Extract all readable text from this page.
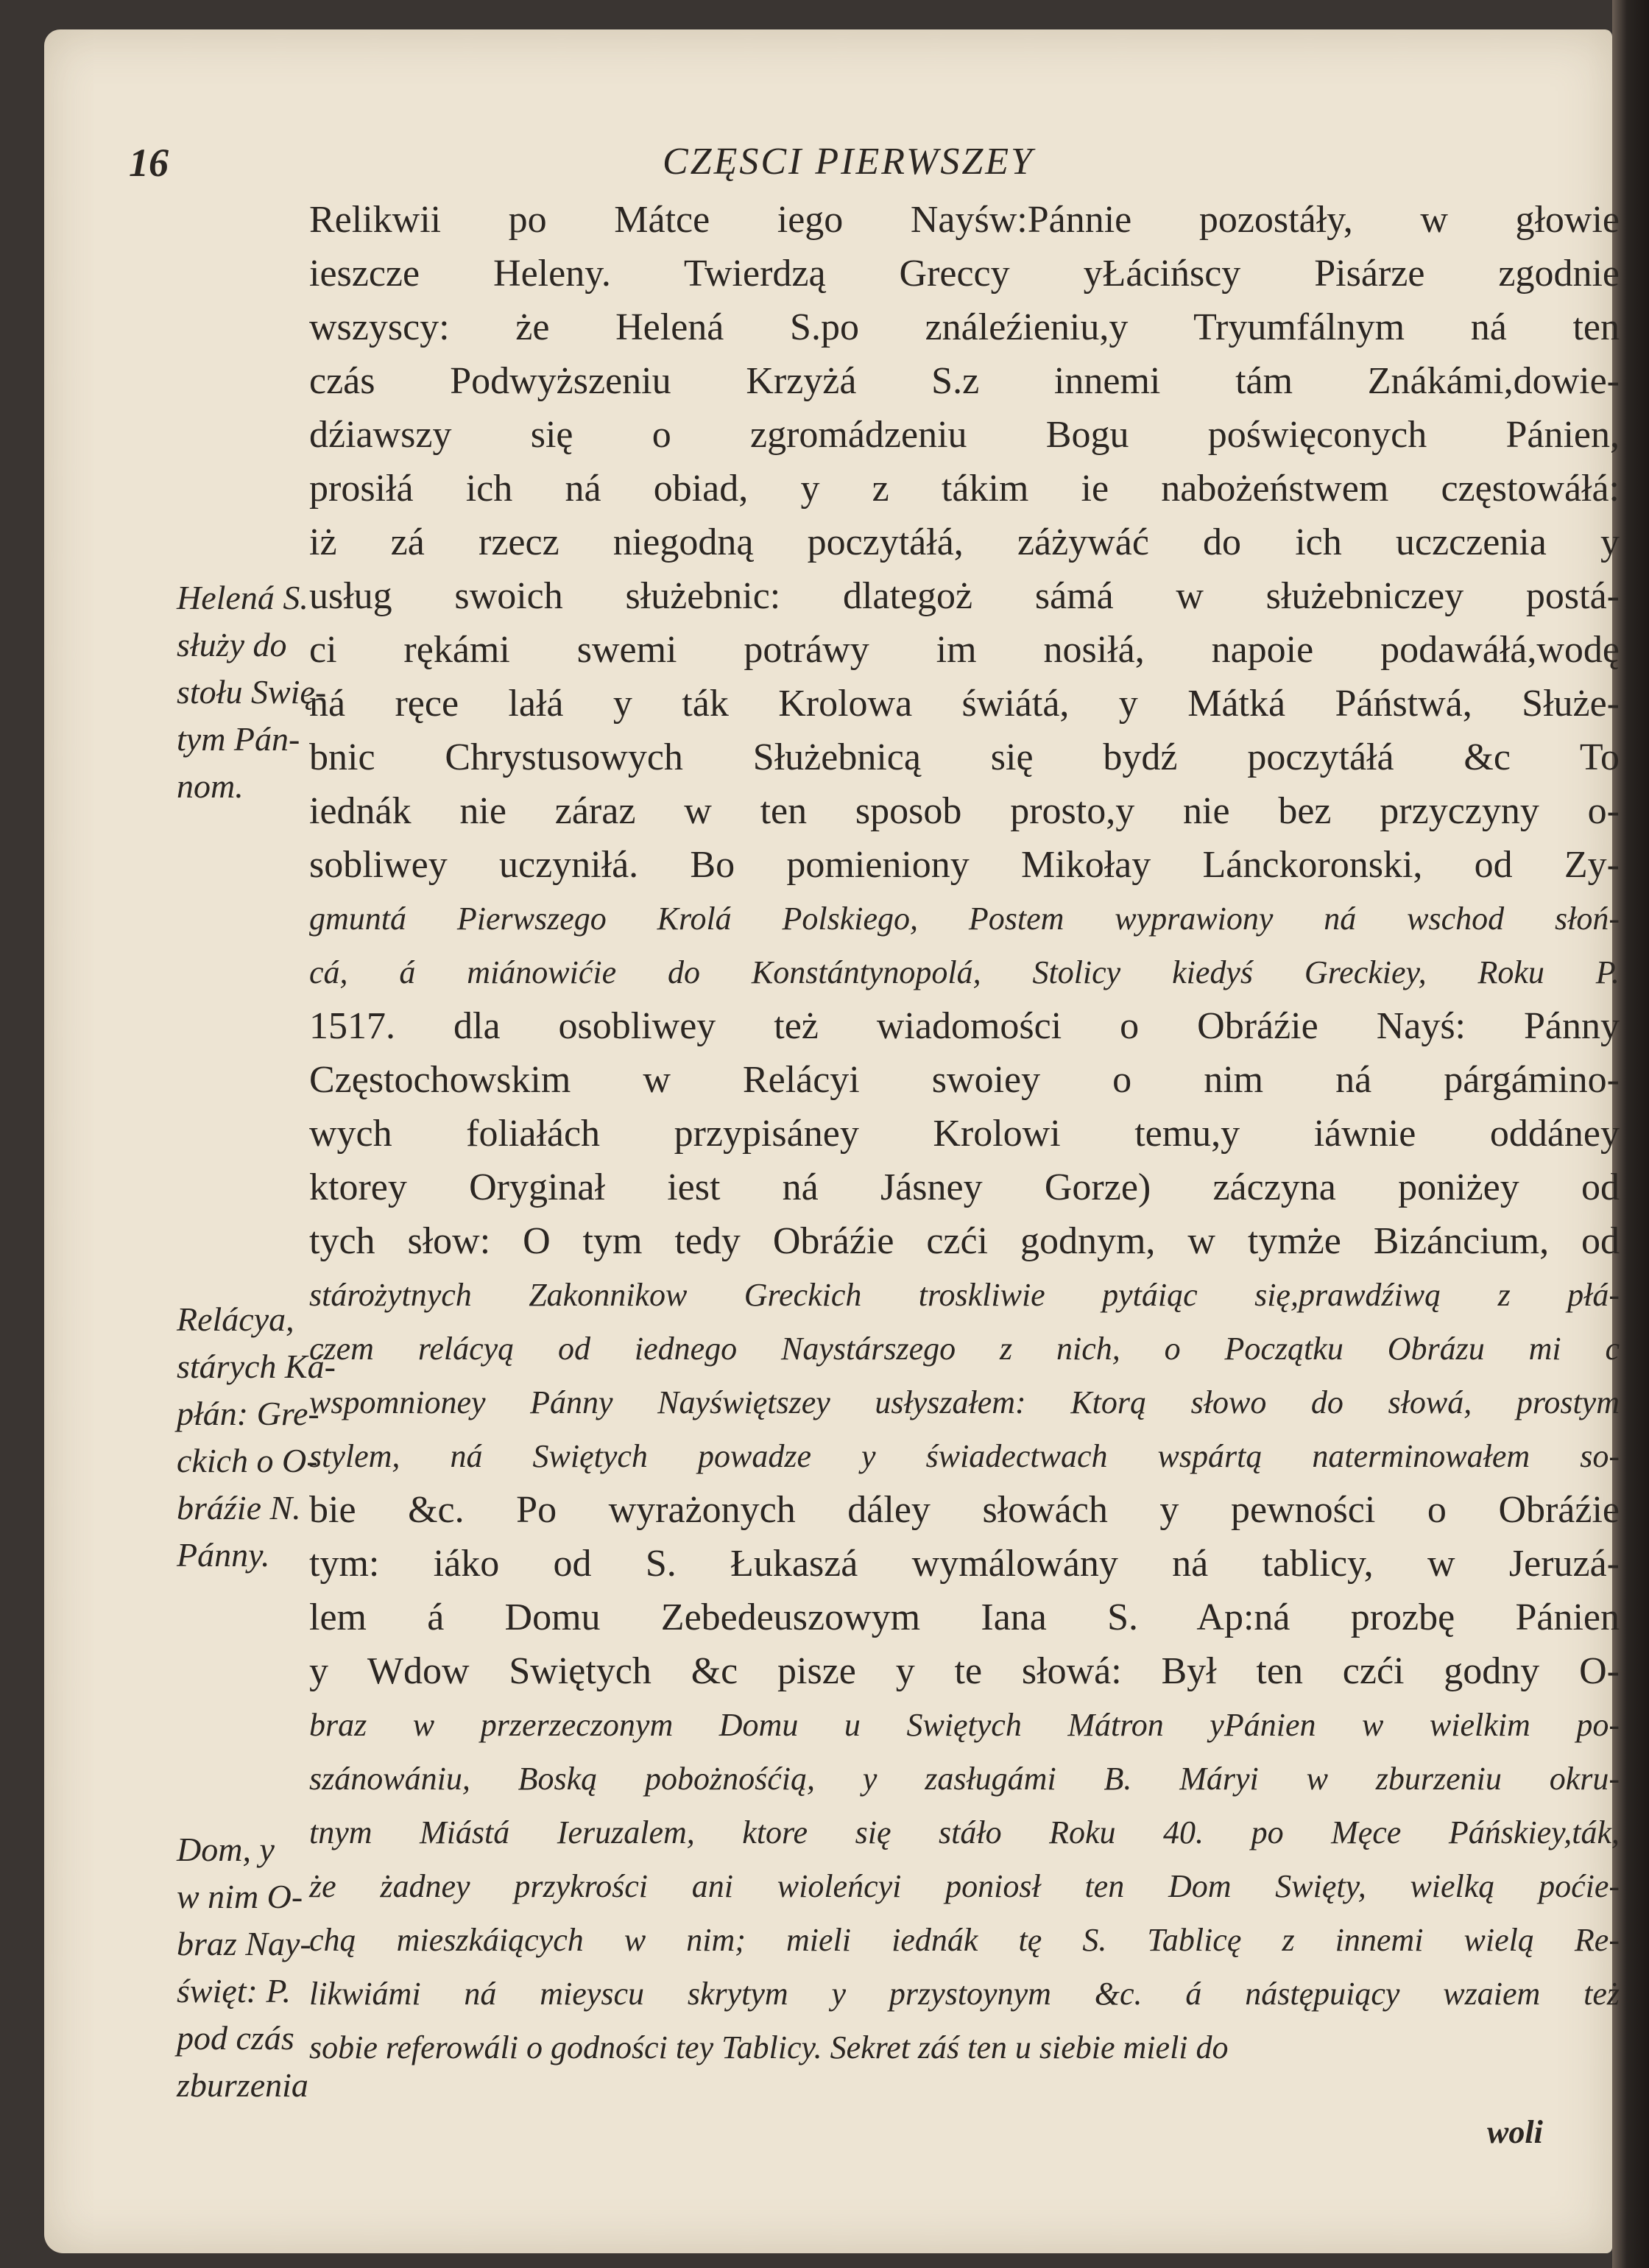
16	CZĘSCI PIERWSZEY
Relikwii po Mátce iego Nayśw:Pánnie pozostáły, w głowie
ieszcze Heleny. Twierdzą Greccy yŁácińscy Pisárze zgodnie
wszyscy: że Helená S.po ználeźieniu,y Tryumfálnym ná ten
czás Podwyższeniu Krzyżá S.z innemi tám Znákámi,dowie-
dźiawszy się o zgromádzeniu Bogu poświęconych Pánien,
prosiłá ich ná obiad, y z tákim ie nabożeństwem częstowáłá:
iż zá rzecz niegodną poczytáłá, záżywáć do ich uczczenia y
usług swoich służebnic: dlategoż sámá w służebniczey postá-
ci rękámi swemi potráwy im nosiłá, napoie podawáłá,wodę
ná ręce lałá y ták Krolowa świátá, y Mátká Páństwá, Służe-
bnic Chrystusowych Służebnicą się bydź poczytáłá &c To
iednák nie záraz w ten sposob prosto,y nie bez przyczyny o-
sobliwey uczyniłá. Bo pomieniony Mikołay Lánckoronski, od Zy-
gmuntá Pierwszego Krolá Polskiego, Postem wyprawiony ná wschod słoń-
cá, á miánowićie do Konstántynopolá, Stolicy kiedyś Greckiey, Roku P.
1517. dla osobliwey też wiadomości o Obráźie Nayś: Pánny
Częstochowskim w Relácyi swoiey o nim ná párgámino-
wych foliałách przypisáney Krolowi temu,y iáwnie oddáney
ktorey Oryginał iest ná Jásney Gorze) záczyna poniżey od
tych słow: O tym tedy Obráźie czći godnym, w tymże Bizáncium, od
stárożytnych Zakonnikow Greckich troskliwie pytáiąc się,prawdźiwą z płá-
czem relácyą od iednego Naystárszego z nich, o Początku Obrázu mi c
wspomnioney Pánny Nayświętszey usłyszałem: Ktorą słowo do słowá, prostym
stylem, ná Swiętych powadze y świadectwach wspártą naterminowałem so-
bie &c. Po wyrażonych dáley słowách y pewności o Obráźie
tym: iáko od S. Łukaszá wymálowány ná tablicy, w Jeruzá-
lem á Domu Zebedeuszowym Iana S. Ap:ná prozbę Pánien
y Wdow Swiętych &c pisze y te słowá: Był ten czći godny O-
braz w przerzeczonym Domu u Swiętych Mátron yPánien w wielkim po-
szánowániu, Boską pobożnośćią, y zasługámi B. Máryi w zburzeniu okru-
tnym Miástá Ieruzalem, ktore się stáło Roku 40. po Męce Páńskiey,ták,
że żadney przykrości ani wioleńcyi poniosł ten Dom Swięty, wielką poćie-
chą mieszkáiących w nim; mieli iednák tę S. Tablicę z innemi wielą Re-
likwiámi ná mieyscu skrytym y przystoynym &c. á nástępuiący wzaiem też
sobie referowáli o godności tey Tablicy. Sekret záś ten u siebie mieli do
Helená S.
służy do
stołu Swię-
tym Pán-
nom.
Relácya,
stárych Ká-
płán: Gre-
ckich o O-
bráźie N.
Pánny.
Dom, y
w nim O-
braz Nay-
święt: P.
pod czás
zburzenia
woli
